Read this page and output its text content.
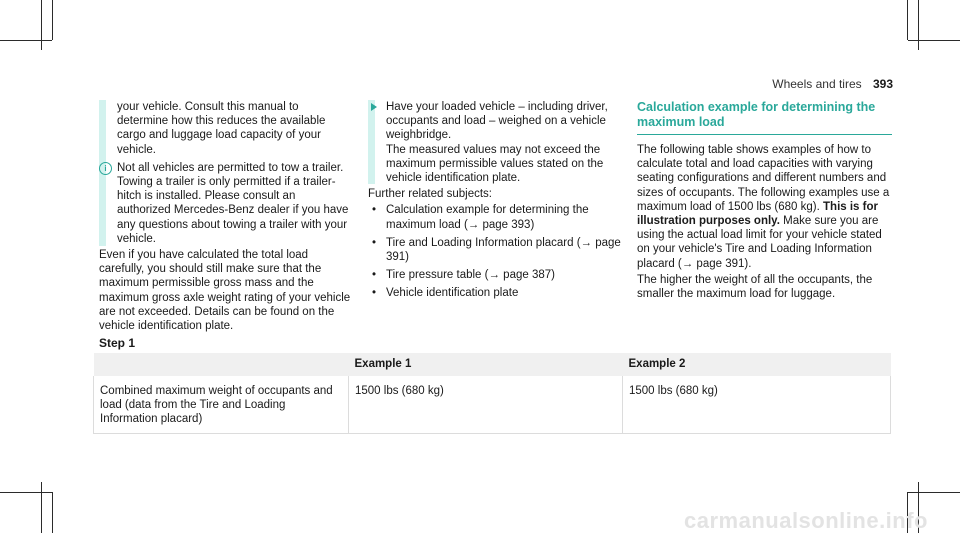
Wheels and tires 393

your vehicle. Consult this manual to determine how this reduces the available cargo and luggage load capacity of your vehicle.

i Not all vehicles are permitted to tow a trailer. Towing a trailer is only permitted if a trailer-hitch is installed. Please consult an authorized Mercedes-Benz dealer if you have any questions about towing a trailer with your vehicle.

Even if you have calculated the total load carefully, you should still make sure that the maximum permissible gross mass and the maximum gross axle weight rating of your vehicle are not exceeded. Details can be found on the vehicle identification plate.

Have your loaded vehicle – including driver, occupants and load – weighed on a vehicle weighbridge.
The measured values may not exceed the maximum permissible values stated on the vehicle identification plate.

Further related subjects:

• Calculation example for determining the maximum load (→ page 393)
• Tire and Loading Information placard (→ page 391)
• Tire pressure table (→ page 387)
• Vehicle identification plate
Calculation example for determining the maximum load

The following table shows examples of how to calculate total and load capacities with varying seating configurations and different numbers and sizes of occupants. The following examples use a maximum load of 1500 lbs (680 kg). This is for illustration purposes only. Make sure you are using the actual load limit for your vehicle stated on your vehicle's Tire and Loading Information placard (→ page 391).

The higher the weight of all the occupants, the smaller the maximum load for luggage.

Step 1
	Example 1	Example 2
Combined maximum weight of occupants and load (data from the Tire and Loading Information placard)	1500 lbs (680 kg)	1500 lbs (680 kg)
carmanualsonline.info
